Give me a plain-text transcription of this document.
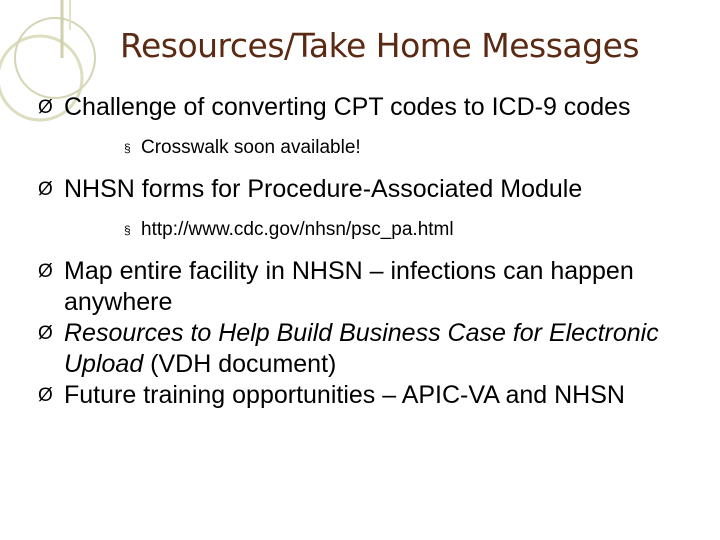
Resources/Take Home Messages

Ø Challenge of converting CPT codes to ICD-9 codes

§ Crosswalk soon available!

Ø NHSN forms for Procedure-Associated Module

§ http://www.cdc.gov/nhsn/psc_pa.html

Ø Map entire facility in NHSN – infections can happen anywhere

Ø Resources to Help Build Business Case for Electronic Upload (VDH document)

Ø Future training opportunities – APIC-VA and NHSN
